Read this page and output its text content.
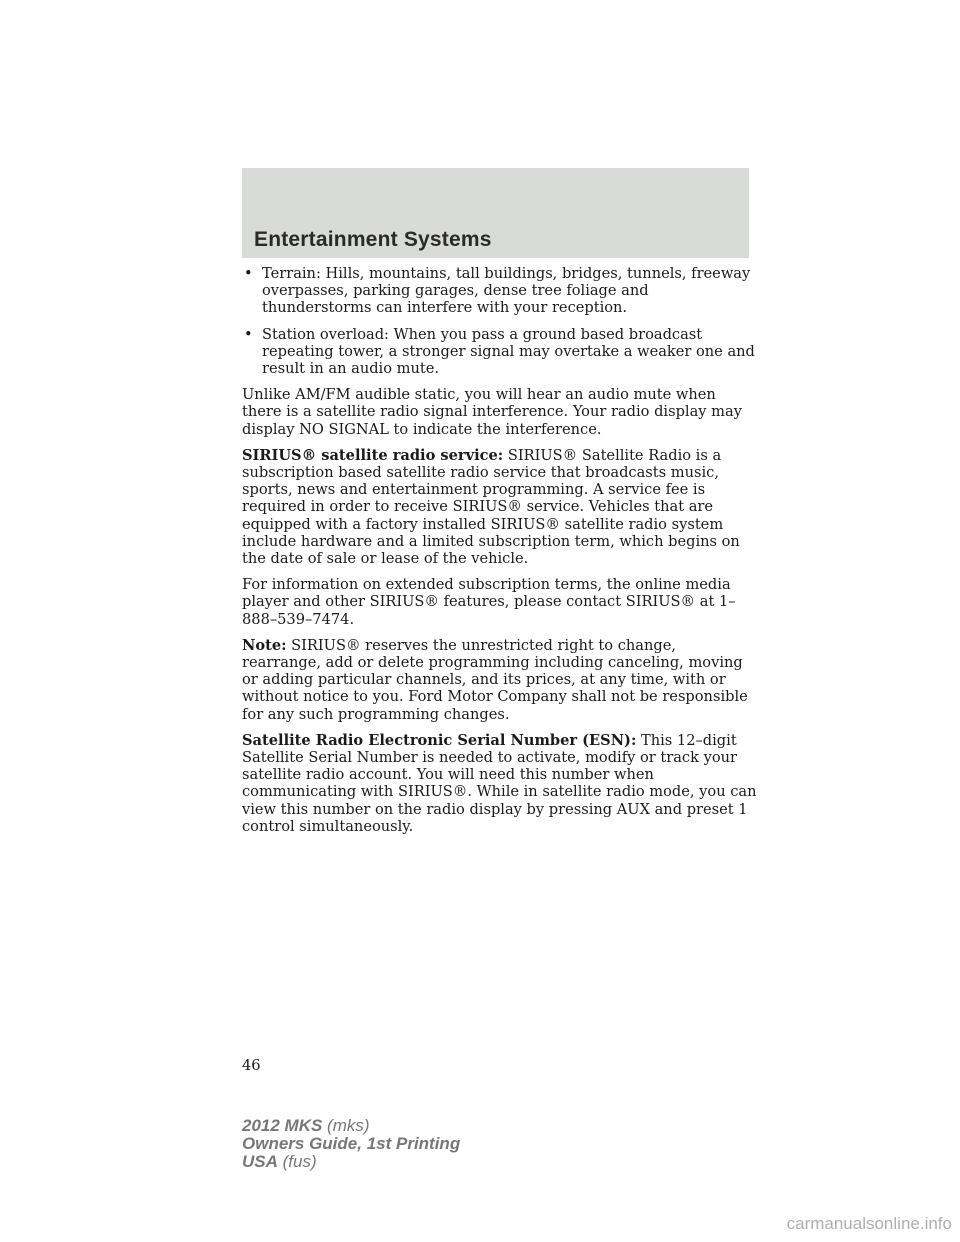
Entertainment Systems
• Terrain: Hills, mountains, tall buildings, bridges, tunnels, freeway overpasses, parking garages, dense tree foliage and thunderstorms can interfere with your reception.
• Station overload: When you pass a ground based broadcast repeating tower, a stronger signal may overtake a weaker one and result in an audio mute.

Unlike AM/FM audible static, you will hear an audio mute when there is a satellite radio signal interference. Your radio display may display NO SIGNAL to indicate the interference.

SIRIUS® satellite radio service: SIRIUS® Satellite Radio is a subscription based satellite radio service that broadcasts music, sports, news and entertainment programming. A service fee is required in order to receive SIRIUS® service. Vehicles that are equipped with a factory installed SIRIUS® satellite radio system include hardware and a limited subscription term, which begins on the date of sale or lease of the vehicle.

For information on extended subscription terms, the online media player and other SIRIUS® features, please contact SIRIUS® at 1–888–539–7474.

Note: SIRIUS® reserves the unrestricted right to change, rearrange, add or delete programming including canceling, moving or adding particular channels, and its prices, at any time, with or without notice to you. Ford Motor Company shall not be responsible for any such programming changes.

Satellite Radio Electronic Serial Number (ESN): This 12–digit Satellite Serial Number is needed to activate, modify or track your satellite radio account. You will need this number when communicating with SIRIUS®. While in satellite radio mode, you can view this number on the radio display by pressing AUX and preset 1 control simultaneously.

46
2012 MKS (mks)
Owners Guide, 1st Printing
USA (fus)
carmanualsonline.info
